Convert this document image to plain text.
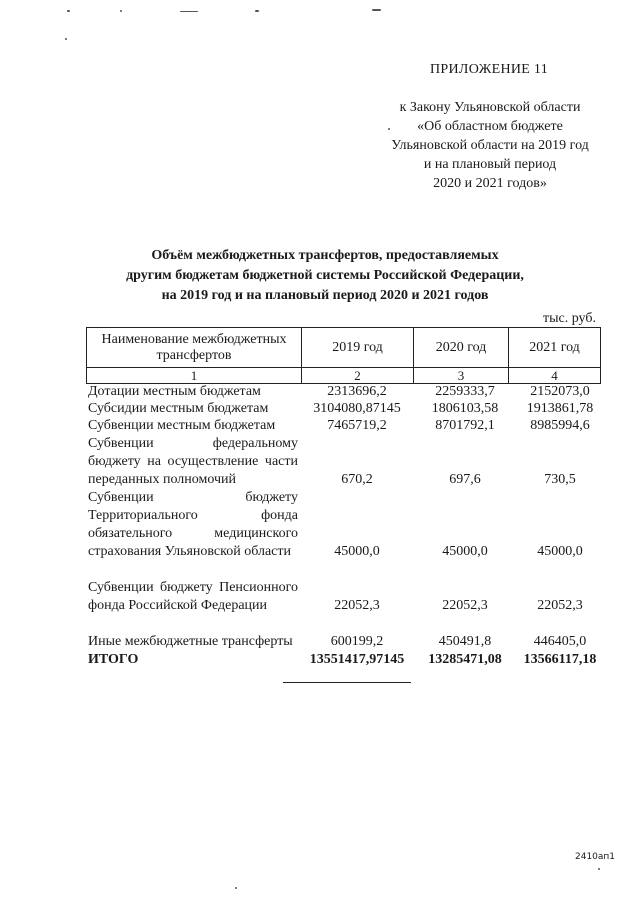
ПРИЛОЖЕНИЕ 11
к Закону Ульяновской области
«Об областном бюджете
Ульяновской области на 2019 год
и на плановый период
2020 и 2021 годов»
Объём межбюджетных трансфертов, предоставляемых
другим бюджетам бюджетной системы Российской Федерации,
на 2019 год и на плановый период 2020 и 2021 годов
тыс. руб.
Наименование межбюджетных трансфертов	2019 год	2020 год	2021 год
1	2	3	4
Дотации местным бюджетам	2313696,2	2259333,7	2152073,0
Субсидии местным бюджетам	3104080,87145	1806103,58	1913861,78
Субвенции местным бюджетам	7465719,2	8701792,1	8985994,6
Субвенции федеральному бюджету на осуществление части переданных полномочий	670,2	697,6	730,5
Субвенции бюджету Территориального фонда обязательного медицинского страхования Ульяновской области	45000,0	45000,0	45000,0
Субвенции бюджету Пенсионного фонда Российской Федерации	22052,3	22052,3	22052,3
Иные межбюджетные трансферты	600199,2	450491,8	446405,0
ИТОГО	13551417,97145	13285471,08	13566117,18
2410ап1
